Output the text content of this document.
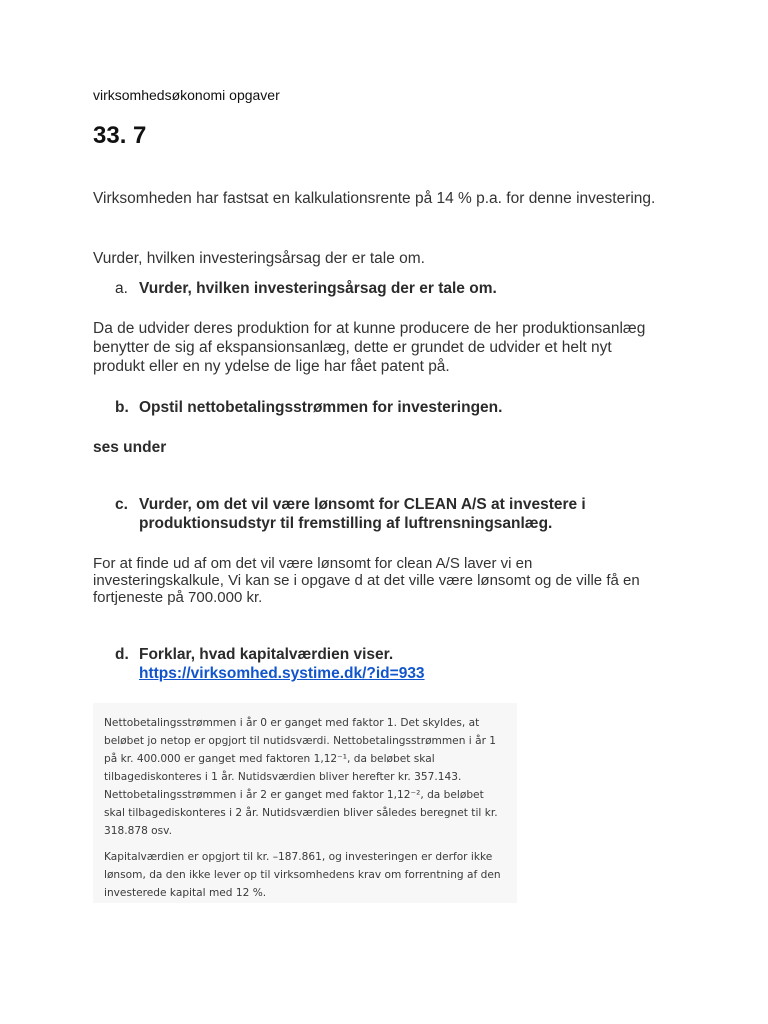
virksomhedsøkonomi opgaver
33. 7

Virksomheden har fastsat en kalkulationsrente på 14 % p.a. for denne investering.

Vurder, hvilken investeringsårsag der er tale om.

a. Vurder, hvilken investeringsårsag der er tale om.

Da de udvider deres produktion for at kunne producere de her produktionsanlæg benytter de sig af ekspansionsanlæg, dette er grundet de udvider et helt nyt produkt eller en ny ydelse de lige har fået patent på.

b. Opstil nettobetalingsstrømmen for investeringen.
ses under
c. Vurder, om det vil være lønsomt for CLEAN A/S at investere i produktionsudstyr til fremstilling af luftrensningsanlæg.

For at finde ud af om det vil være lønsomt for clean A/S laver vi en investeringskalkule, Vi kan se i opgave d at det ville være lønsomt og de ville få en fortjeneste på 700.000 kr.

d. Forklar, hvad kapitalværdien viser.
https://virksomhed.systime.dk/?id=933

Nettobetalingsstrømmen i år 0 er ganget med faktor 1. Det skyldes, at beløbet jo netop er opgjort til nutidsværdi. Nettobetalingsstrømmen i år 1 på kr. 400.000 er ganget med faktoren 1,12⁻¹, da beløbet skal tilbagediskonteres i 1 år. Nutidsværdien bliver herefter kr. 357.143. Nettobetalingsstrømmen i år 2 er ganget med faktor 1,12⁻², da beløbet skal tilbagediskonteres i 2 år. Nutidsværdien bliver således beregnet til kr. 318.878 osv.

Kapitalværdien er opgjort til kr. –187.861, og investeringen er derfor ikke lønsom, da den ikke lever op til virksomhedens krav om forrentning af den investerede kapital med 12 %.
